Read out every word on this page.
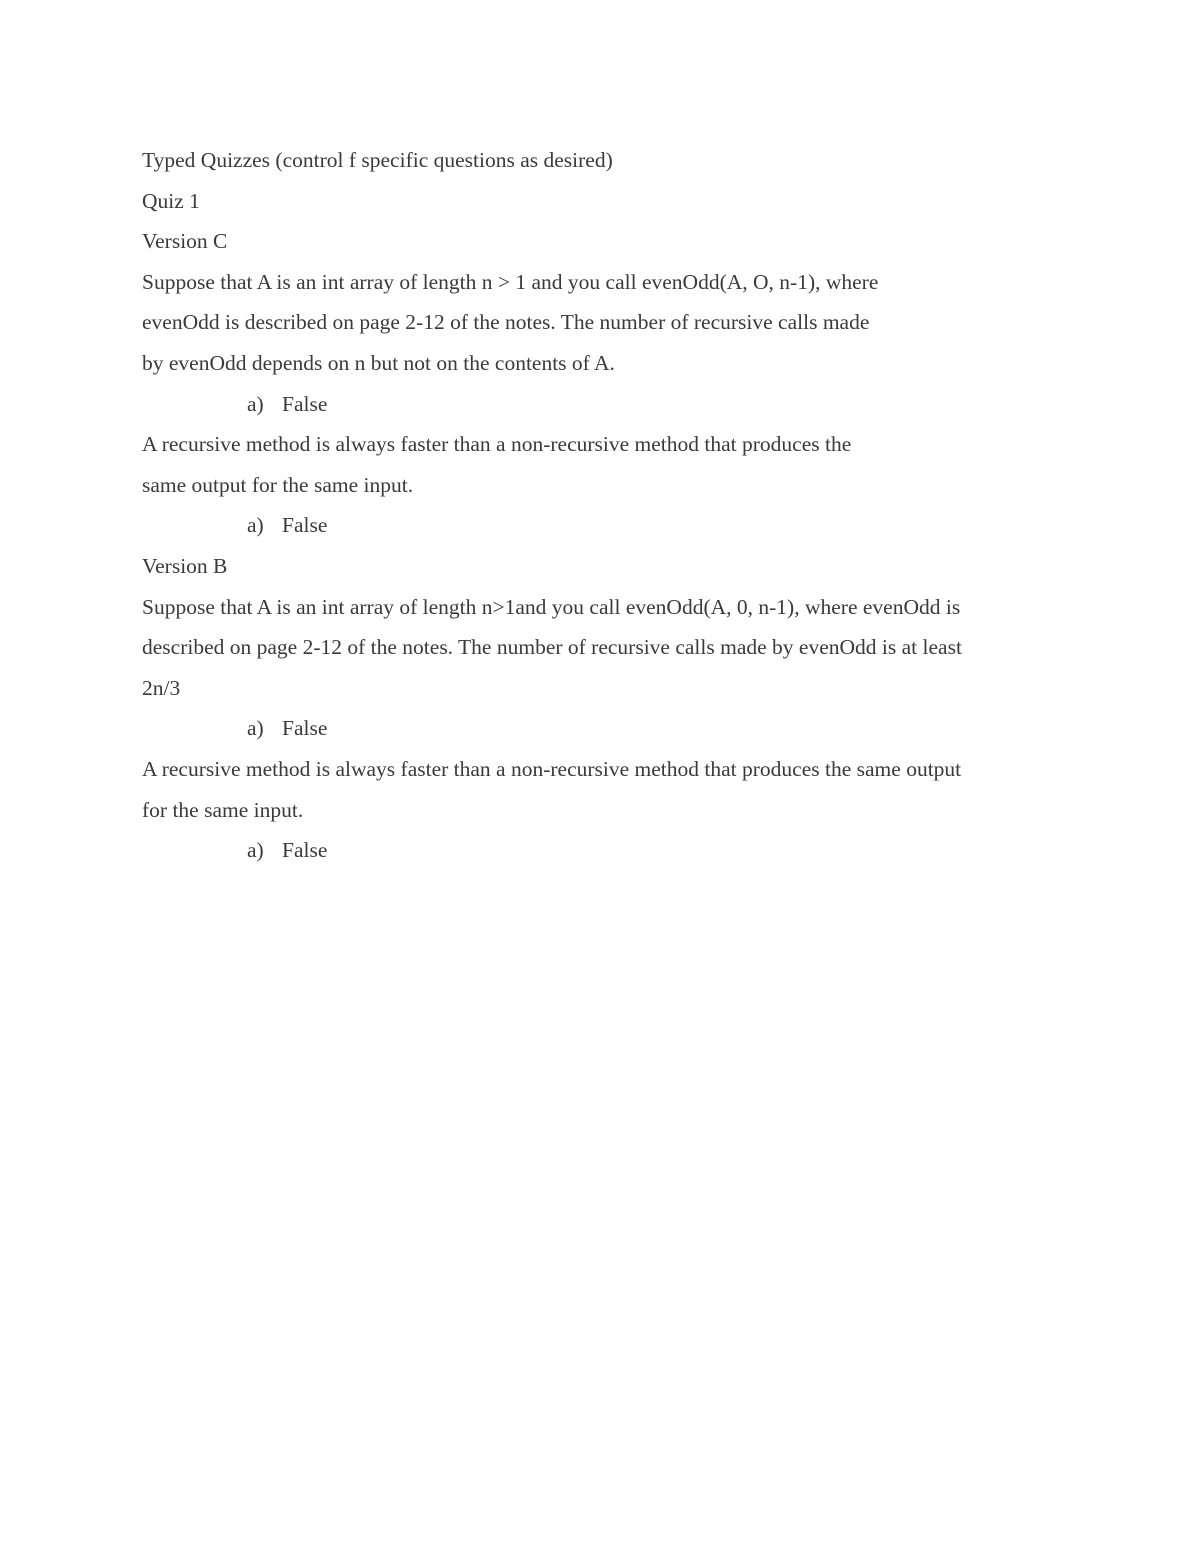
Typed Quizzes (control f specific questions as desired)
Quiz 1
Version C
Suppose that A is an int array of length n > 1 and you call evenOdd(A, O, n-1), where
evenOdd is described on page 2-12 of the notes. The number of recursive calls made
by evenOdd depends on n but not on the contents of A.
a) False
A recursive method is always faster than a non-recursive method that produces the
same output for the same input.
a) False
Version B
Suppose that A is an int array of length n>1and you call evenOdd(A, 0, n-1), where evenOdd is
described on page 2-12 of the notes. The number of recursive calls made by evenOdd is at least
2n/3
a) False
A recursive method is always faster than a non-recursive method that produces the same output
for the same input.
a) False
